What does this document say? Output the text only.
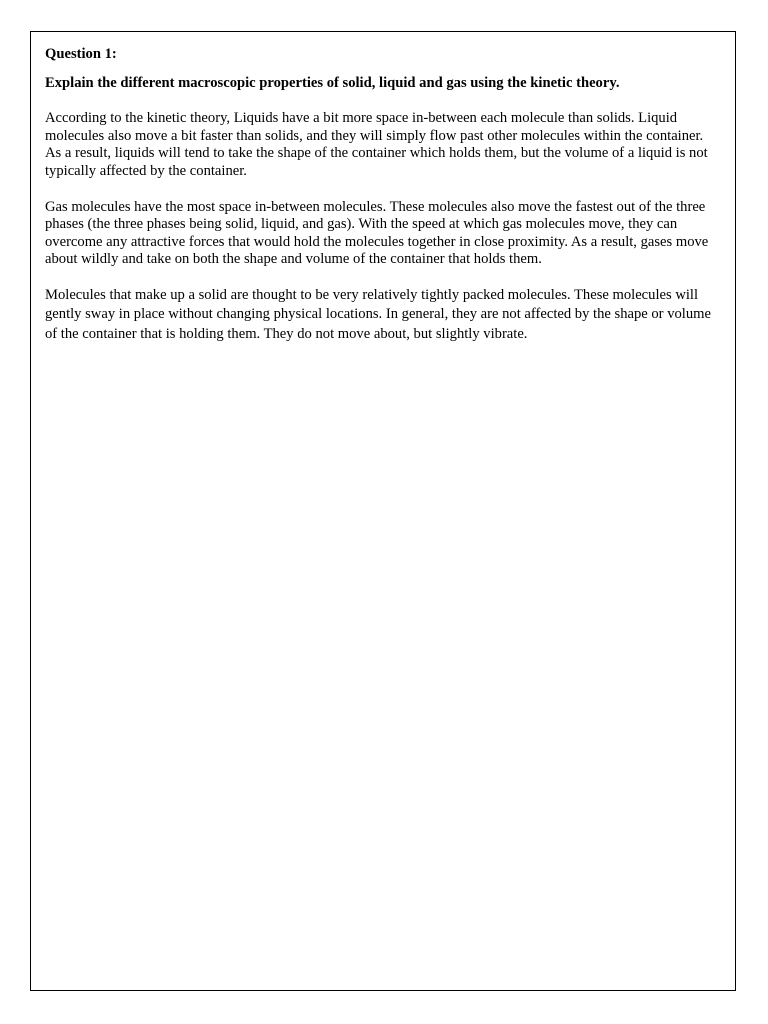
Question 1:

Explain the different macroscopic properties of solid, liquid and gas using the kinetic theory.

According to the kinetic theory, Liquids have a bit more space in-between each molecule than solids. Liquid molecules also move a bit faster than solids, and they will simply flow past other molecules within the container. As a result, liquids will tend to take the shape of the container which holds them, but the volume of a liquid is not typically affected by the container.

Gas molecules have the most space in-between molecules. These molecules also move the fastest out of the three phases (the three phases being solid, liquid, and gas). With the speed at which gas molecules move, they can overcome any attractive forces that would hold the molecules together in close proximity. As a result, gases move about wildly and take on both the shape and volume of the container that holds them.

Molecules that make up a solid are thought to be very relatively tightly packed molecules. These molecules will gently sway in place without changing physical locations. In general, they are not affected by the shape or volume of the container that is holding them. They do not move about, but slightly vibrate.
